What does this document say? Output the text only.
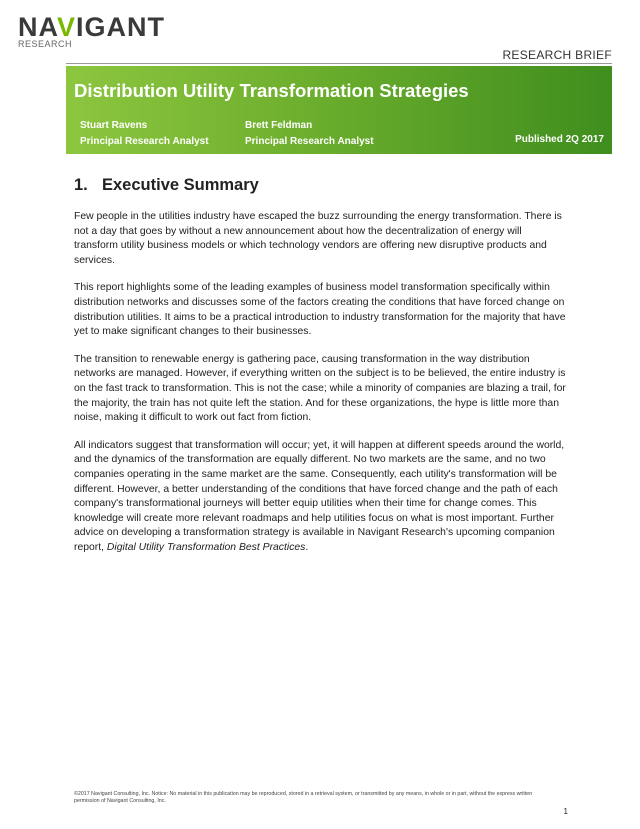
NAVIGANT
RESEARCH
RESEARCH BRIEF
Distribution Utility Transformation Strategies
Stuart Ravens
Principal Research Analyst
Brett Feldman
Principal Research Analyst	Published 2Q 2017
1. Executive Summary

Few people in the utilities industry have escaped the buzz surrounding the energy transformation. There is not a day that goes by without a new announcement about how the decentralization of energy will transform utility business models or which technology vendors are offering new disruptive products and services.

This report highlights some of the leading examples of business model transformation specifically within distribution networks and discusses some of the factors creating the conditions that have forced change on distribution utilities. It aims to be a practical introduction to industry transformation for the majority that have yet to make significant changes to their businesses.

The transition to renewable energy is gathering pace, causing transformation in the way distribution networks are managed. However, if everything written on the subject is to be believed, the entire industry is on the fast track to transformation. This is not the case; while a minority of companies are blazing a trail, for the majority, the train has not quite left the station. And for these organizations, the hype is little more than noise, making it difficult to work out fact from fiction.

All indicators suggest that transformation will occur; yet, it will happen at different speeds around the world, and the dynamics of the transformation are equally different. No two markets are the same, and no two companies operating in the same market are the same. Consequently, each utility's transformation will be different. However, a better understanding of the conditions that have forced change and the path of each company's transformational journeys will better equip utilities when their time for change comes. This knowledge will create more relevant roadmaps and help utilities focus on what is most important. Further advice on developing a transformation strategy is available in Navigant Research's upcoming companion report, Digital Utility Transformation Best Practices.

©2017 Navigant Consulting, Inc. Notice: No material in this publication may be reproduced, stored in a retrieval system, or transmitted by any means, in whole or in part, without the express written permission of Navigant Consulting, Inc.
1
